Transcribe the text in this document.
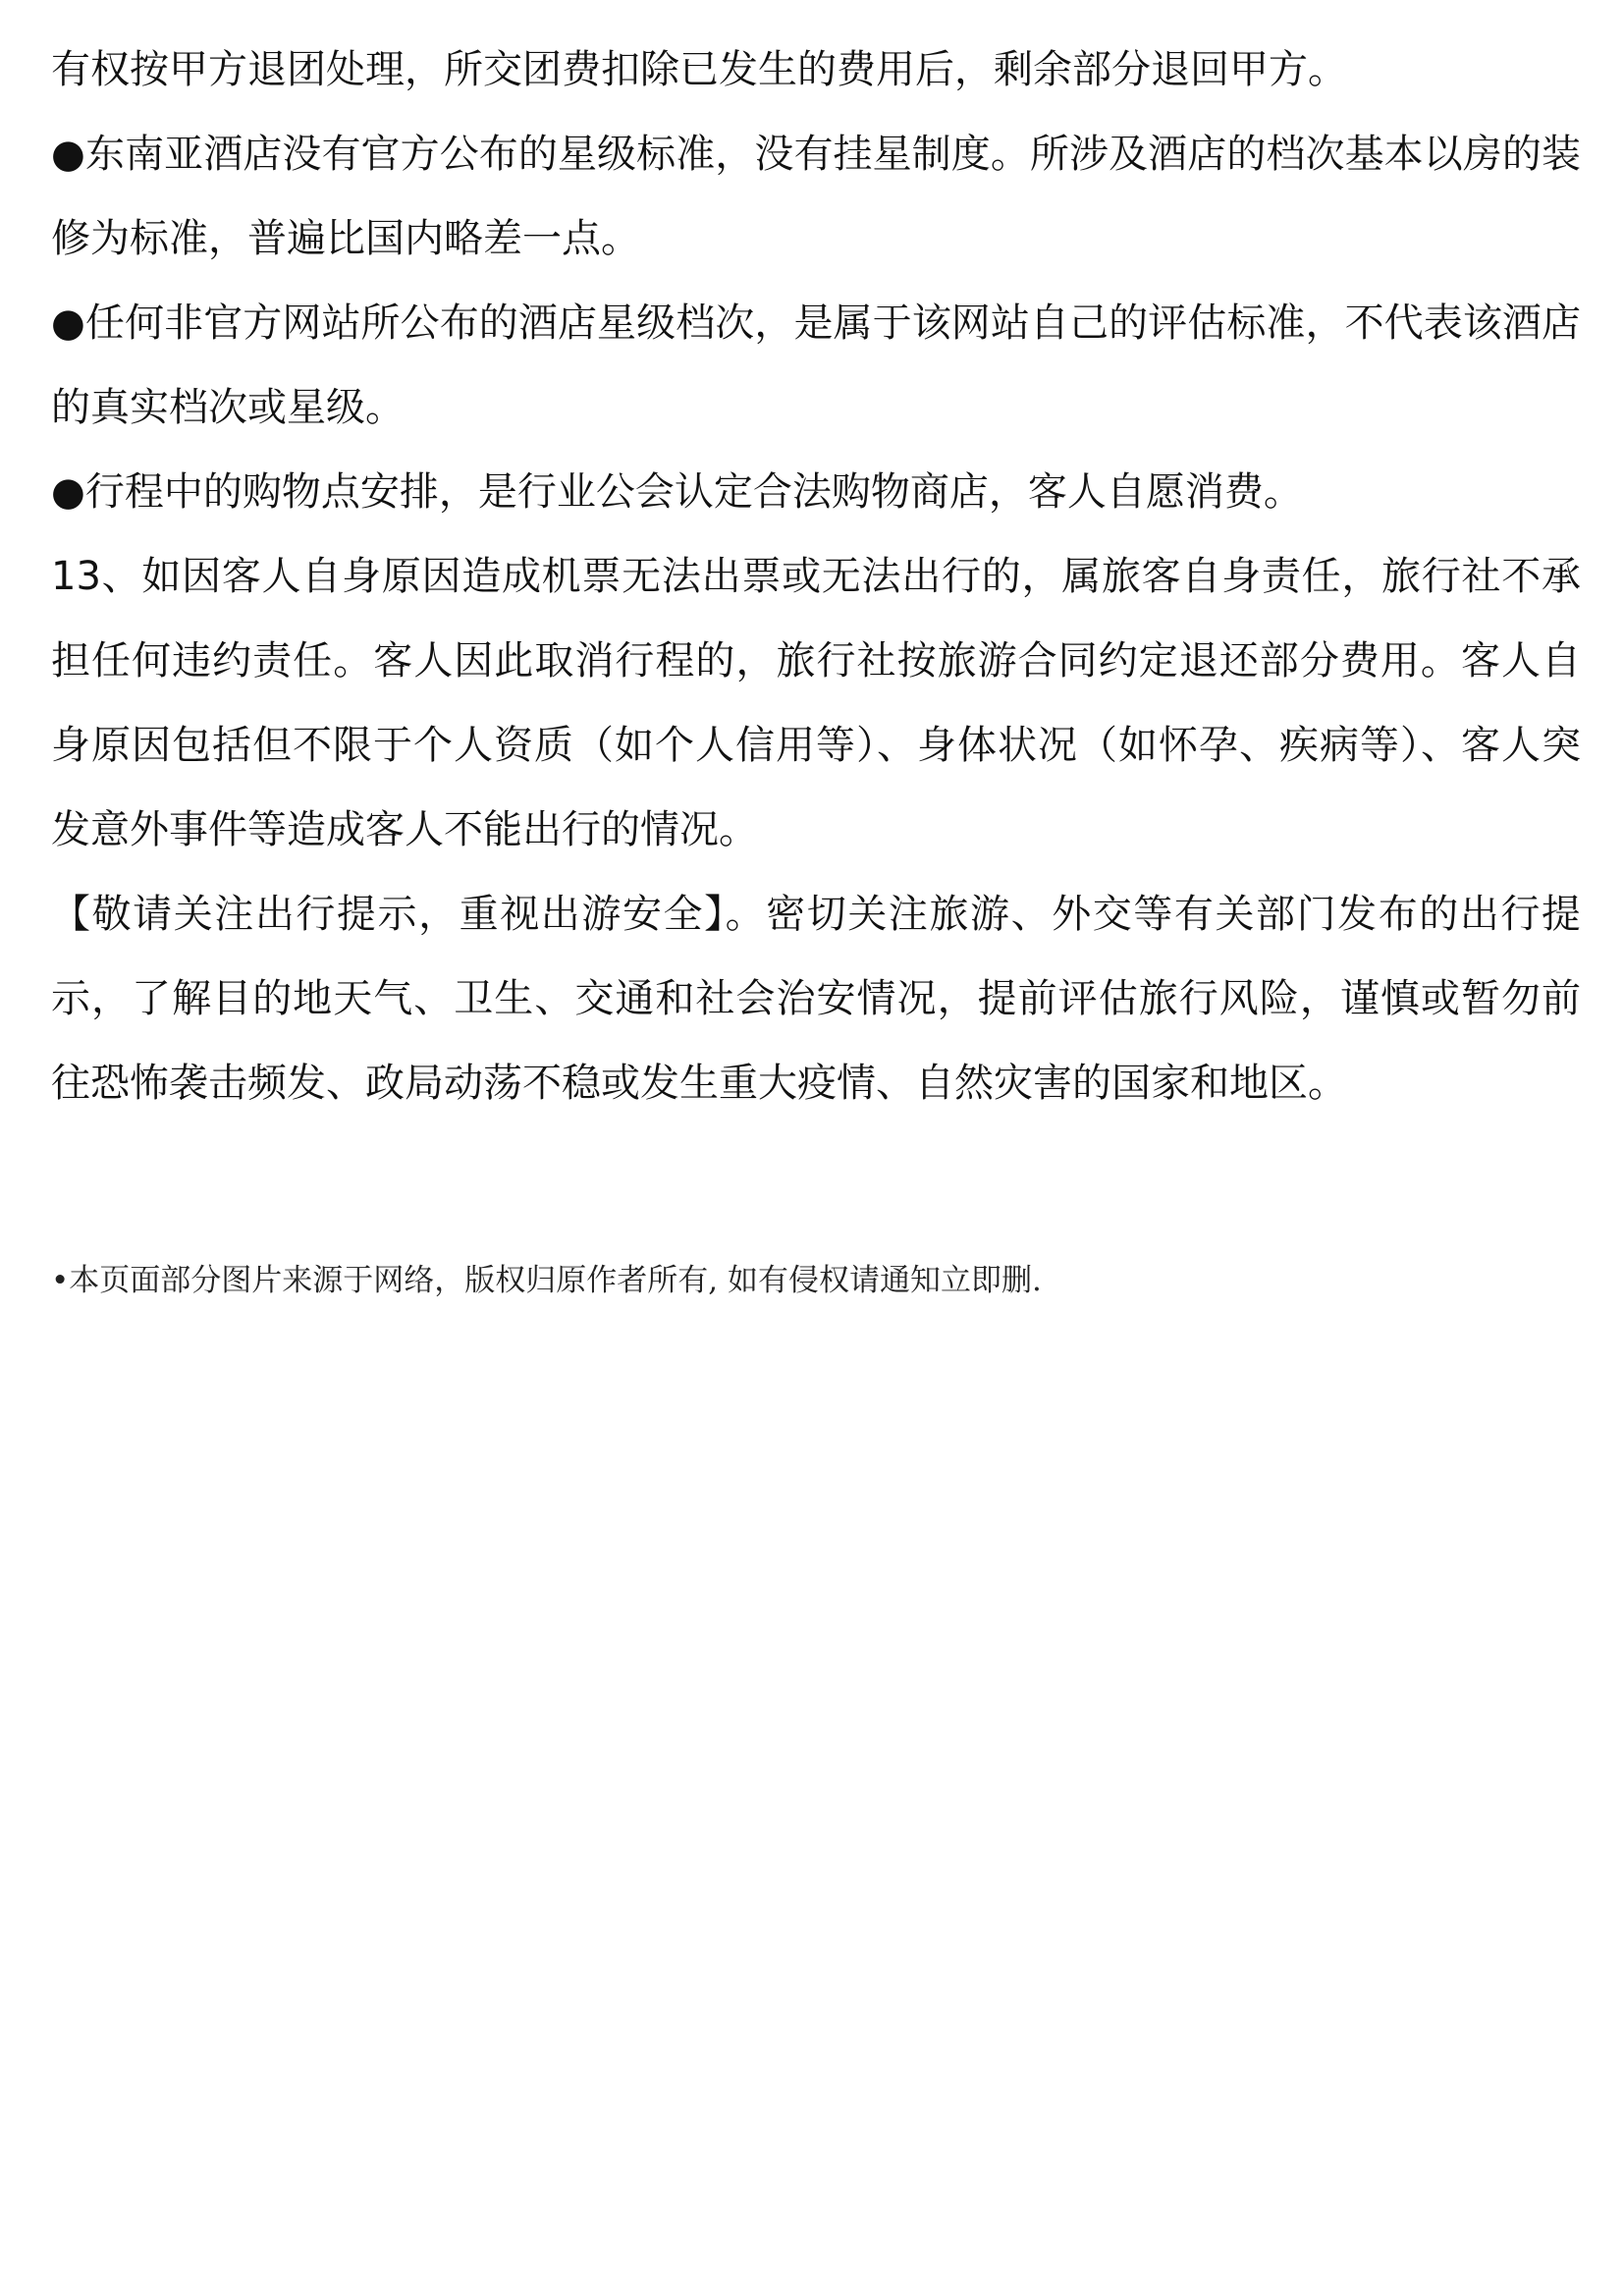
有权按甲方退团处理，所交团费扣除已发生的费用后，剩余部分退回甲方。

●东南亚酒店没有官方公布的星级标准，没有挂星制度。所涉及酒店的档次基本以房的装修为标准，普遍比国内略差一点。

●任何非官方网站所公布的酒店星级档次，是属于该网站自己的评估标准，不代表该酒店的真实档次或星级。

●行程中的购物点安排，是行业公会认定合法购物商店，客人自愿消费。

13、如因客人自身原因造成机票无法出票或无法出行的，属旅客自身责任，旅行社不承担任何违约责任。客人因此取消行程的，旅行社按旅游合同约定退还部分费用。客人自身原因包括但不限于个人资质（如个人信用等）、身体状况（如怀孕、疾病等）、客人突发意外事件等造成客人不能出行的情况。

【敬请关注出行提示，重视出游安全】。密切关注旅游、外交等有关部门发布的出行提示，了解目的地天气、卫生、交通和社会治安情况，提前评估旅行风险，谨慎或暂勿前往恐怖袭击频发、政局动荡不稳或发生重大疫情、自然灾害的国家和地区。

•本页面部分图片来源于网络，版权归原作者所有, 如有侵权请通知立即删.
